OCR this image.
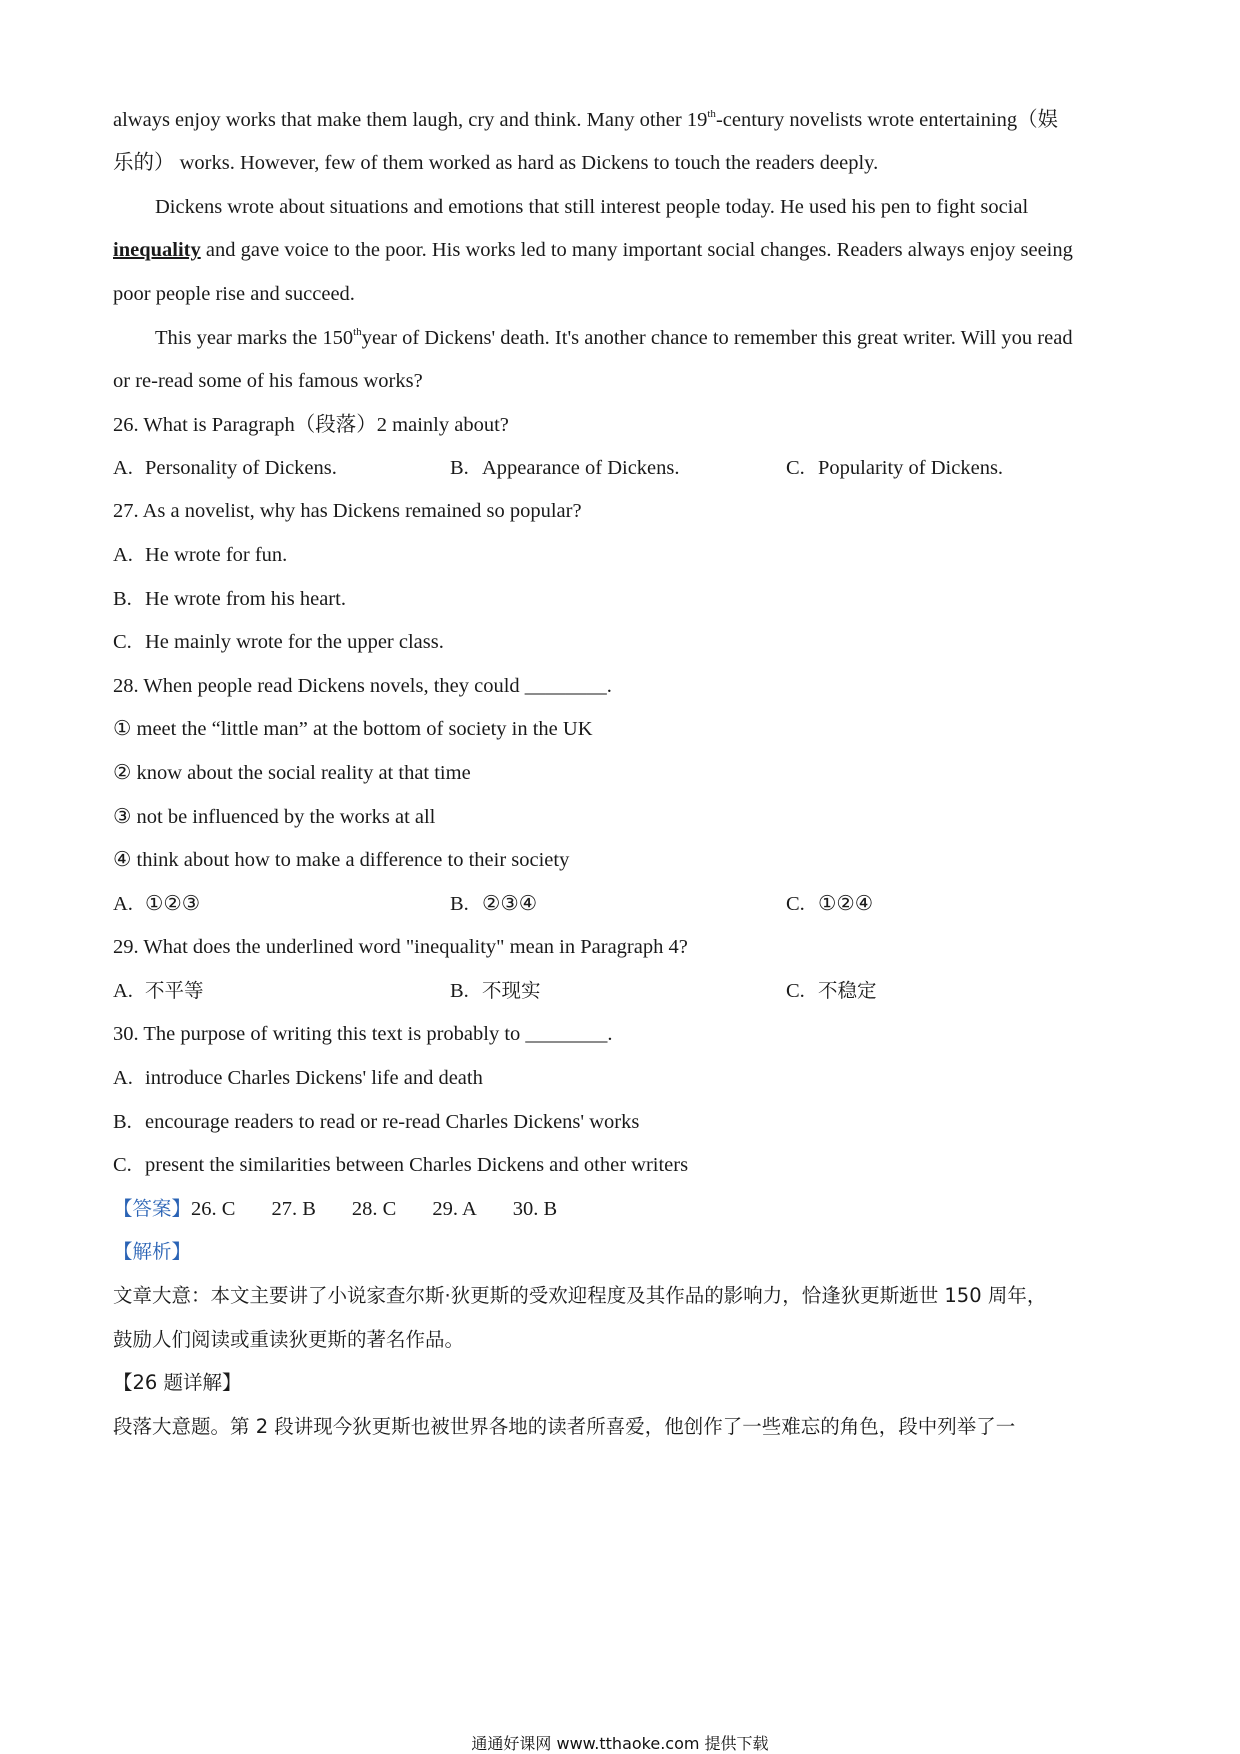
always enjoy works that make them laugh, cry and think. Many other 19th-century novelists wrote entertaining（娱
乐的） works. However, few of them worked as hard as Dickens to touch the readers deeply.
Dickens wrote about situations and emotions that still interest people today. He used his pen to fight social
inequality and gave voice to the poor. His works led to many important social changes. Readers always enjoy seeing
poor people rise and succeed.
This year marks the 150thyear of Dickens' death. It's another chance to remember this great writer. Will you read
or re-read some of his famous works?
26. What is Paragraph（段落）2 mainly about?
A. Personality of Dickens.	B. Appearance of Dickens.	C. Popularity of Dickens.
27. As a novelist, why has Dickens remained so popular?
A. He wrote for fun.
B. He wrote from his heart.
C. He mainly wrote for the upper class.
28. When people read Dickens novels, they could ________.
① meet the “little man” at the bottom of society in the UK
② know about the social reality at that time
③ not be influenced by the works at all
④ think about how to make a difference to their society
A. ①②③	B. ②③④	C. ①②④
29. What does the underlined word "inequality" mean in Paragraph 4?
A. 不平等	B. 不现实	C. 不稳定
30. The purpose of writing this text is probably to ________.
A. introduce Charles Dickens' life and death
B. encourage readers to read or re-read Charles Dickens' works
C. present the similarities between Charles Dickens and other writers
【答案】26. C 27. B 28. C 29. A 30. B
【解析】
文章大意：本文主要讲了小说家查尔斯·狄更斯的受欢迎程度及其作品的影响力，恰逢狄更斯逝世 150 周年，
鼓励人们阅读或重读狄更斯的著名作品。
【26 题详解】
段落大意题。第 2 段讲现今狄更斯也被世界各地的读者所喜爱，他创作了一些难忘的角色，段中列举了一
通通好课网 www.tthaoke.com 提供下载
